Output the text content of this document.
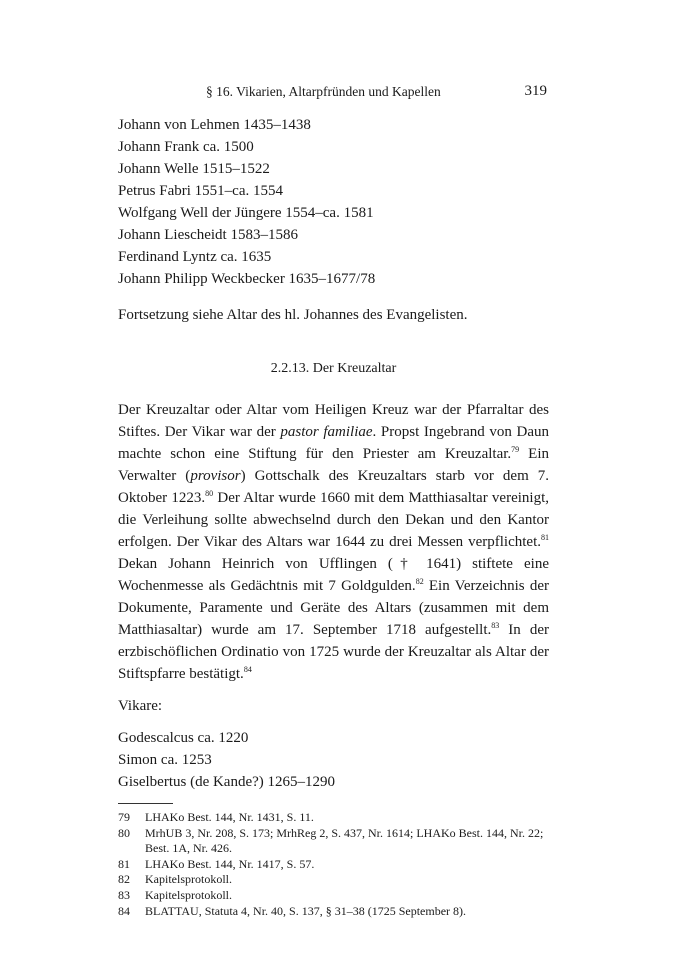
§ 16. Vikarien, Altarpfründen und Kapellen	319
Johann von Lehmen 1435–1438
Johann Frank ca. 1500
Johann Welle 1515–1522
Petrus Fabri 1551–ca. 1554
Wolfgang Well der Jüngere 1554–ca. 1581
Johann Liescheidt 1583–1586
Ferdinand Lyntz ca. 1635
Johann Philipp Weckbecker 1635–1677/78

Fortsetzung siehe Altar des hl. Johannes des Evangelisten.

2.2.13. Der Kreuzaltar

Der Kreuzaltar oder Altar vom Heiligen Kreuz war der Pfarraltar des Stiftes. Der Vikar war der pastor familiae. Propst Ingebrand von Daun machte schon eine Stiftung für den Priester am Kreuzaltar.$^{79}$ Ein Verwalter (provisor) Gottschalk des Kreuzaltars starb vor dem 7. Oktober 1223.80 Der Altar wurde 1660 mit dem Matthiasaltar vereinigt, die Verleihung sollte abwechselnd durch den Dekan und den Kantor erfolgen. Der Vikar des Altars war 1644 zu drei Messen verpflichtet.$^{81}$ Dekan Johann Heinrich von Ufflingen († 1641) stiftete eine Wochenmesse als Gedächtnis mit 7 Goldgulden.$^{82}$ Ein Verzeichnis der Dokumente, Paramente und Geräte des Altars (zusammen mit dem Matthiasaltar) wurde am 17. September 1718 aufgestellt.$^{83}$ In der erzbischöflichen Ordinatio von 1725 wurde der Kreuzaltar als Altar der Stiftspfarre bestätigt.$^{84}$

Vikare:

Godescalcus ca. 1220
Simon ca. 1253
Giselbertus (de Kande?) 1265–1290
79 LHAKo Best. 144, Nr. 1431, S. 11.
80 MrhUB 3, Nr. 208, S. 173; MrhReg 2, S. 437, Nr. 1614; LHAKo Best. 144, Nr. 22; Best. 1A, Nr. 426.
81 LHAKo Best. 144, Nr. 1417, S. 57.
82 Kapitelsprotokoll.
83 Kapitelsprotokoll.
84 BLATTAU, Statuta 4, Nr. 40, S. 137, § 31–38 (1725 September 8).
